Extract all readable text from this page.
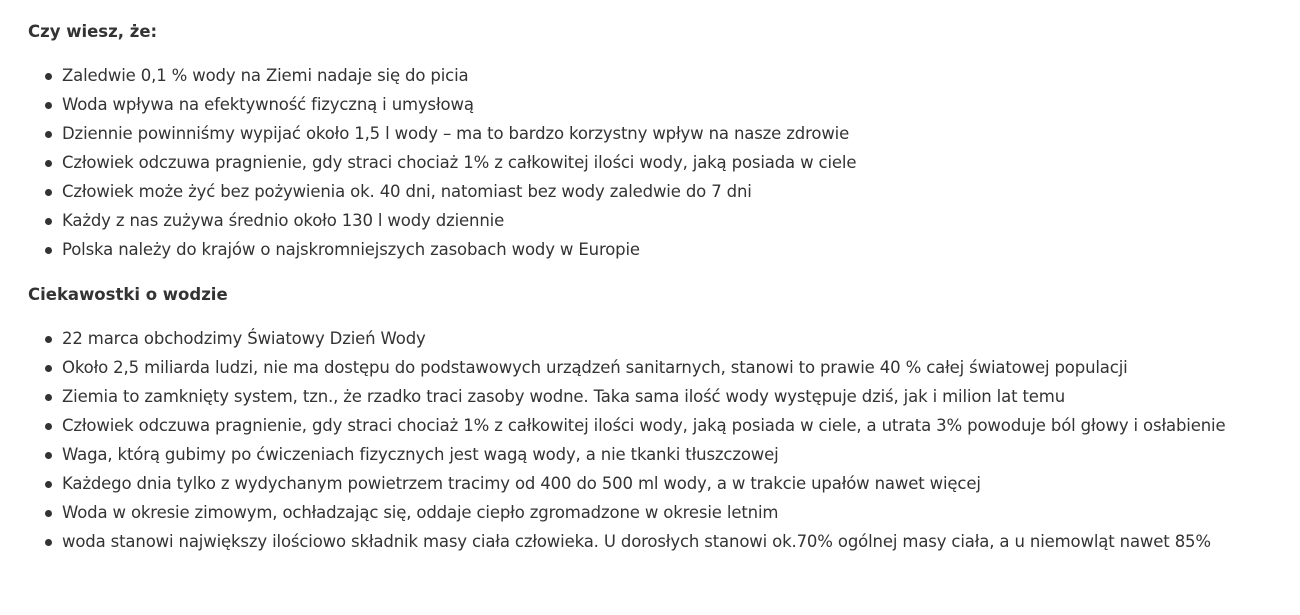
Czy wiesz, że:

Zaledwie 0,1 % wody na Ziemi nadaje się do picia
Woda wpływa na efektywność fizyczną i umysłową
Dziennie powinniśmy wypijać około 1,5 l wody – ma to bardzo korzystny wpływ na nasze zdrowie
Człowiek odczuwa pragnienie, gdy straci chociaż 1% z całkowitej ilości wody, jaką posiada w ciele
Człowiek może żyć bez pożywienia ok. 40 dni, natomiast bez wody zaledwie do 7 dni
Każdy z nas zużywa średnio około 130 l wody dziennie
Polska należy do krajów o najskromniejszych zasobach wody w Europie

Ciekawostki o wodzie

22 marca obchodzimy Światowy Dzień Wody
Około 2,5 miliarda ludzi, nie ma dostępu do podstawowych urządzeń sanitarnych, stanowi to prawie 40 % całej światowej populacji
Ziemia to zamknięty system, tzn., że rzadko traci zasoby wodne. Taka sama ilość wody występuje dziś, jak i milion lat temu
Człowiek odczuwa pragnienie, gdy straci chociaż 1% z całkowitej ilości wody, jaką posiada w ciele, a utrata 3% powoduje ból głowy i osłabienie
Waga, którą gubimy po ćwiczeniach fizycznych jest wagą wody, a nie tkanki tłuszczowej
Każdego dnia tylko z wydychanym powietrzem tracimy od 400 do 500 ml wody, a w trakcie upałów nawet więcej
Woda w okresie zimowym, ochładzając się, oddaje ciepło zgromadzone w okresie letnim
woda stanowi największy ilościowo składnik masy ciała człowieka. U dorosłych stanowi ok.70% ogólnej masy ciała, a u niemowląt nawet 85%
